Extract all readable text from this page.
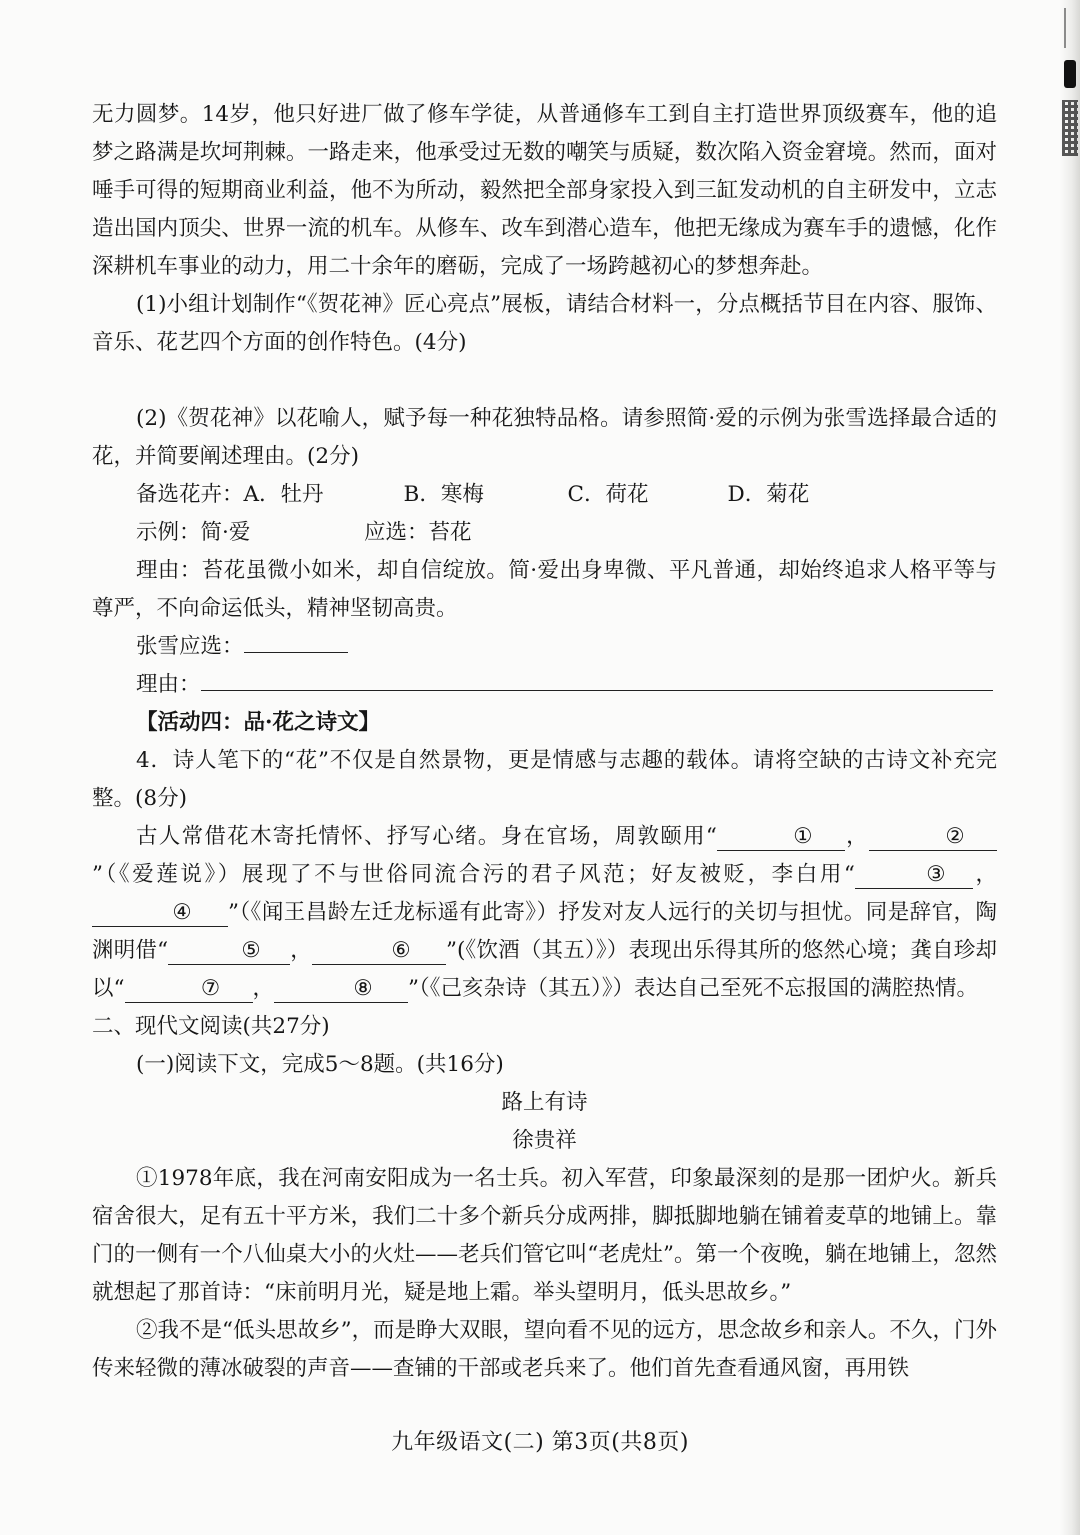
无力圆梦。14岁，他只好进厂做了修车学徒，从普通修车工到自主打造世界顶级赛车，他的追梦之路满是坎坷荆棘。一路走来，他承受过无数的嘲笑与质疑，数次陷入资金窘境。然而，面对唾手可得的短期商业利益，他不为所动，毅然把全部身家投入到三缸发动机的自主研发中，立志造出国内顶尖、世界一流的机车。从修车、改车到潜心造车，他把无缘成为赛车手的遗憾，化作深耕机车事业的动力，用二十余年的磨砺，完成了一场跨越初心的梦想奔赴。

(1)小组计划制作“《贺花神》匠心亮点”展板，请结合材料一，分点概括节目在内容、服饰、音乐、花艺四个方面的创作特色。(4分)

(2)《贺花神》以花喻人，赋予每一种花独特品格。请参照简·爱的示例为张雪选择最合适的花，并简要阐述理由。(2分)

备选花卉：A．牡丹	B．寒梅	C．荷花	D．菊花
示例：简·爱	应选：苔花

理由：苔花虽微小如米，却自信绽放。简·爱出身卑微、平凡普通，却始终追求人格平等与尊严，不向命运低头，精神坚韧高贵。

张雪应选：
理由：

【活动四：品·花之诗文】

4．诗人笔下的“花”不仅是自然景物，更是情感与志趣的载体。请将空缺的古诗文补充完整。(8分)

古人常借花木寄托情怀、抒写心绪。身在官场，周敦颐用“	① ，	②”（《爱莲说》）展现了不与世俗同流合污的君子风范；好友被贬，李白用“	③ ，④ ”（《闻王昌龄左迁龙标遥有此寄》）抒发对友人远行的关切与担忧。同是辞官，陶渊明借“	⑤ ，	⑥ ”(《饮酒（其五）》）表现出乐得其所的悠然心境；龚自珍却以“	⑦ ，	⑧ ”（《己亥杂诗（其五）》）表达自己至死不忘报国的满腔热情。

二、现代文阅读(共27分)

(一)阅读下文，完成5～8题。(共16分)

路上有诗

徐贵祥

①1978年底，我在河南安阳成为一名士兵。初入军营，印象最深刻的是那一团炉火。新兵宿舍很大，足有五十平方米，我们二十多个新兵分成两排，脚抵脚地躺在铺着麦草的地铺上。靠门的一侧有一个八仙桌大小的火灶——老兵们管它叫“老虎灶”。第一个夜晚，躺在地铺上，忽然就想起了那首诗：“床前明月光，疑是地上霜。举头望明月，低头思故乡。”

②我不是“低头思故乡”，而是睁大双眼，望向看不见的远方，思念故乡和亲人。不久，门外传来轻微的薄冰破裂的声音——查铺的干部或老兵来了。他们首先查看通风窗，再用铁

九年级语文(二) 第3页(共8页)
